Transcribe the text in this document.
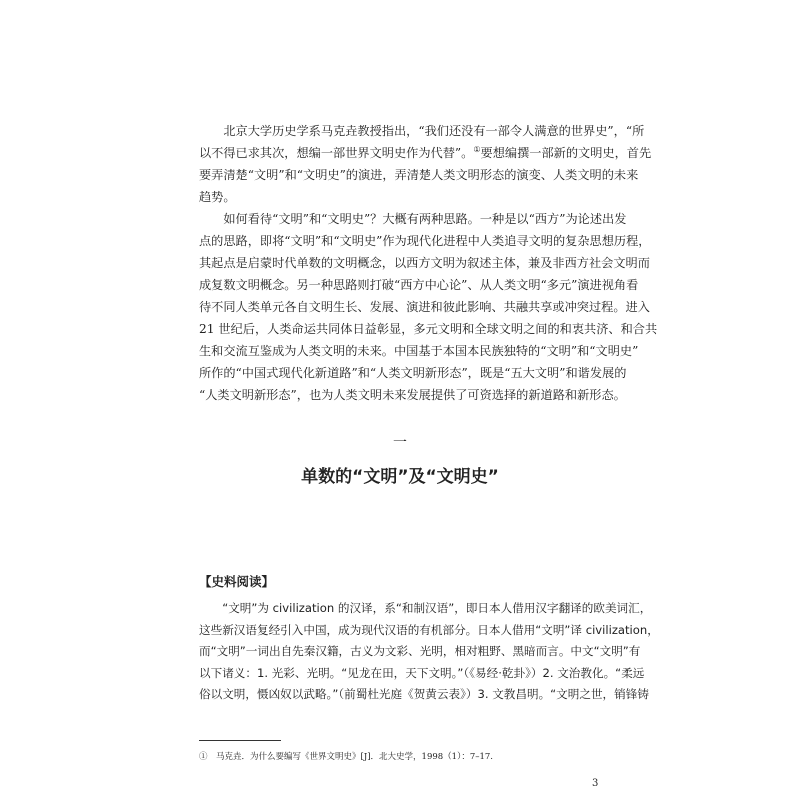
　　北京大学历史学系马克垚教授指出，“我们还没有一部令人满意的世界史”，“所
以不得已求其次，想编一部世界文明史作为代替”。①要想编撰一部新的文明史，首先
要弄清楚“文明”和“文明史”的演进，弄清楚人类文明形态的演变、人类文明的未来
趋势。
　　如何看待“文明”和“文明史”？大概有两种思路。一种是以“西方”为论述出发
点的思路，即将“文明”和“文明史”作为现代化进程中人类追寻文明的复杂思想历程，
其起点是启蒙时代单数的文明概念，以西方文明为叙述主体，兼及非西方社会文明而
成复数文明概念。另一种思路则打破“西方中心论”、从人类文明“多元”演进视角看
待不同人类单元各自文明生长、发展、演进和彼此影响、共融共享或冲突过程。进入
21 世纪后，人类命运共同体日益彰显，多元文明和全球文明之间的和衷共济、和合共
生和交流互鉴成为人类文明的未来。中国基于本国本民族独特的“文明”和“文明史”
所作的“中国式现代化新道路”和“人类文明新形态”，既是“五大文明”和谐发展的
“人类文明新形态”，也为人类文明未来发展提供了可资选择的新道路和新形态。
一
单数的“文明”及“文明史”
【史料阅读】
　　“文明”为 civilization 的汉译，系“和制汉语”，即日本人借用汉字翻译的欧美词汇，
这些新汉语复经引入中国，成为现代汉语的有机部分。日本人借用“文明”译 civilization，
而“文明”一词出自先秦汉籍，古义为文彩、光明，相对粗野、黑暗而言。中文“文明”有
以下诸义：1. 光彩、光明。“见龙在田，天下文明。”（《易经·乾卦》）2. 文治教化。“柔远
俗以文明，慑凶奴以武略。”（前蜀杜光庭《贺黄云表》）3. 文教昌明。“文明之世，销锋铸
①　马克垚．为什么要编写《世界文明史》[J]．北大史学，1998（1）：7–17.
3
